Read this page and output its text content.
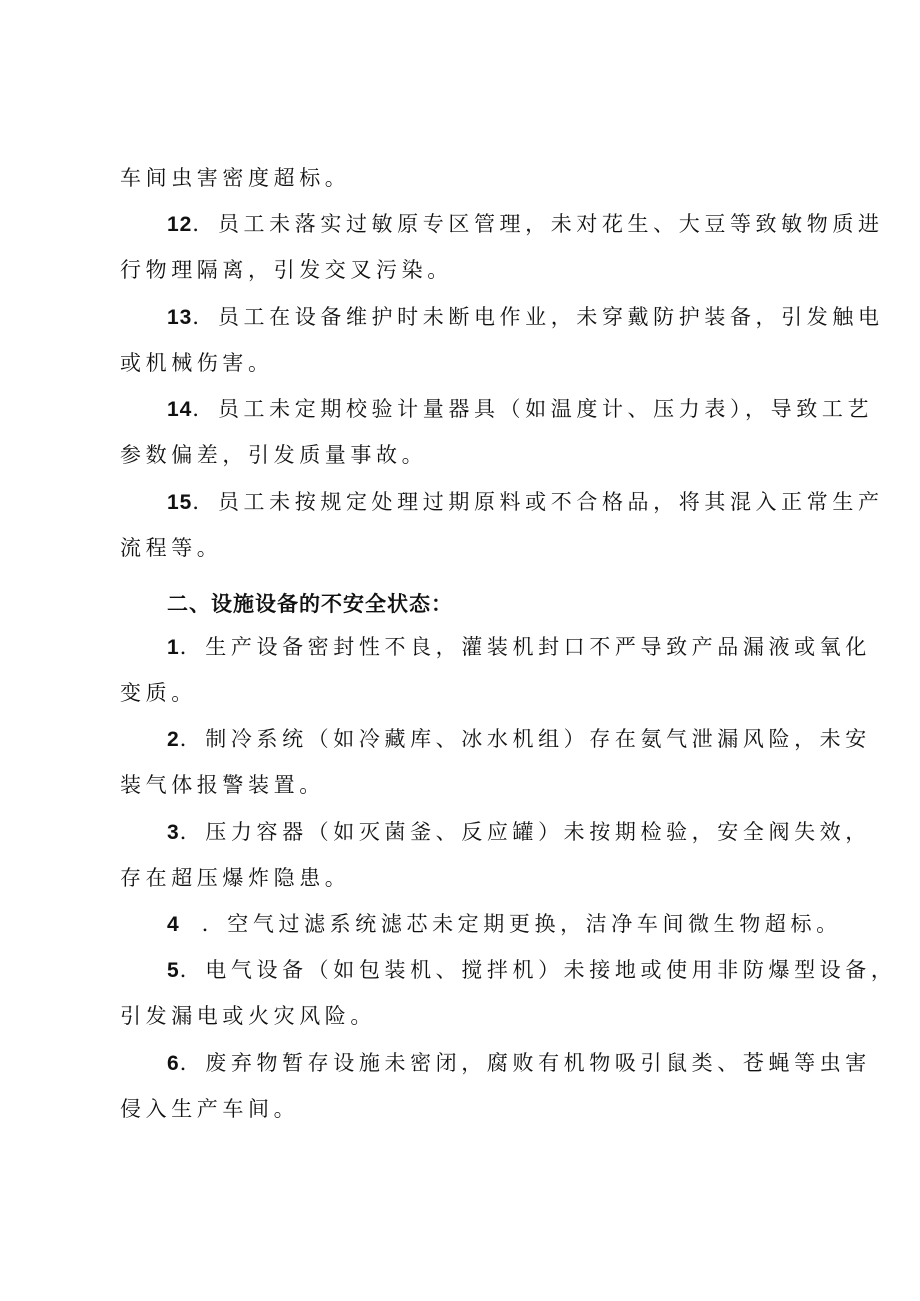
车间虫害密度超标。
12．员工未落实过敏原专区管理，未对花生、大豆等致敏物质进
行物理隔离，引发交叉污染。
13．员工在设备维护时未断电作业，未穿戴防护装备，引发触电
或机械伤害。
14．员工未定期校验计量器具（如温度计、压力表），导致工艺
参数偏差，引发质量事故。
15．员工未按规定处理过期原料或不合格品，将其混入正常生产
流程等。
二、设施设备的不安全状态：
1．生产设备密封性不良，灌装机封口不严导致产品漏液或氧化
变质。
2．制冷系统（如冷藏库、冰水机组）存在氨气泄漏风险，未安
装气体报警装置。
3．压力容器（如灭菌釜、反应罐）未按期检验，安全阀失效，
存在超压爆炸隐患。
4 ．空气过滤系统滤芯未定期更换，洁净车间微生物超标。
5．电气设备（如包装机、搅拌机）未接地或使用非防爆型设备，
引发漏电或火灾风险。
6．废弃物暂存设施未密闭，腐败有机物吸引鼠类、苍蝇等虫害
侵入生产车间。
